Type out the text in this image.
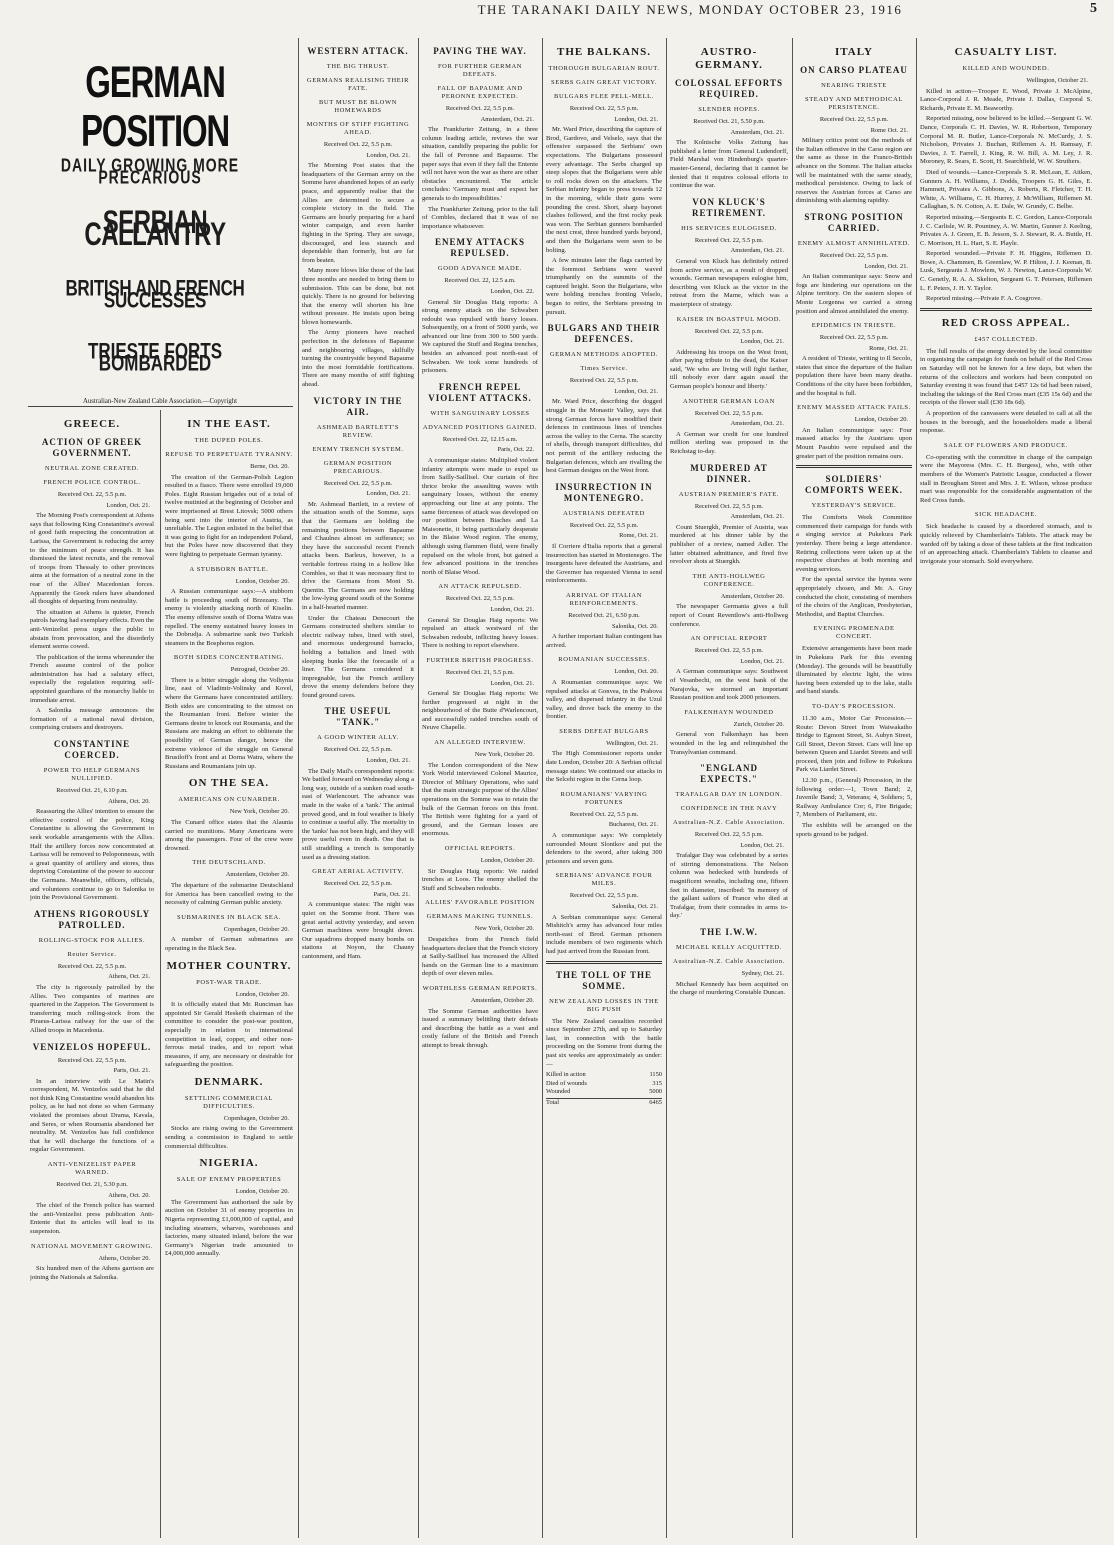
THE TARANAKI DAILY NEWS, MONDAY OCTOBER 23, 1916	5
GERMAN POSITION
DAILY GROWING MORE PRECARIOUS
SERBIAN CALLANTRY
BRITISH AND FRENCH SUCCESSES
TRIESTE FORTS BOMBARDED
Australian-New Zealand Cable Association.—Copyright
GREECE.
ACTION OF GREEK GOVERNMENT.
NEUTRAL ZONE CREATED.
FRENCH POLICE CONTROL.
Received Oct. 22, 5.5 p.m.
London, Oct. 21.

The Morning Post's correspondent at Athens says that following King Constantine's avowal of good faith respecting the concentration at Larissa, the Government is reducing the army to the minimum of peace strength. It has dismissed the latest recruits, and the removal of troops from Thessaly to other provinces aims at the formation of a neutral zone in the rear of the Allies' Macedonian forces. Apparently the Greek rulers have abandoned all thoughts of departing from neutrality.

The situation at Athens is quieter, French patrols having had exemplary effects. Even the anti-Venizelist press urges the public to abstain from provocation, and the disorderly element seems cowed.

The publication of the terms whereunder the French assume control of the police administration has had a salutary effect, especially the regulation requiring self-appointed guardians of the monarchy liable to immediate arrest.

A Salonika message announces the formation of a national naval division, comprising cruisers and destroyers.

CONSTANTINE COERCED.
POWER TO HELP GERMANS NULLIFIED.
Received Oct. 21, 6.10 p.m.
Athens, Oct. 20.

Reassuring the Allies' intention to ensure the effective control of the police, King Constantine is allowing the Government to seek workable arrangements with the Allies. Half the artillery forces now concentrated at Larissa will be removed to Peloponnesus, with a great quantity of artillery and stores, thus depriving Constantine of the power to succour the Germans. Meanwhile, officers, officials, and volunteers continue to go to Salonika to join the Provisional Government.

ATHENS RIGOROUSLY PATROLLED.
ROLLING-STOCK FOR ALLIES.
Reuter Service.
Received Oct. 22, 5.5 p.m.
Athens, Oct. 21.

The city is rigorously patrolled by the Allies. Two companies of marines are quartered in the Zappeion. The Government is transferring much rolling-stock from the Piraeus-Larissa railway for the use of the Allied troops in Macedonia.

VENIZELOS HOPEFUL.
Received Oct. 22, 5.5 p.m.
Paris, Oct. 21.

In an interview with Le Matin's correspondent, M. Venizelos said that he did not think King Constantine would abandon his policy, as he had not done so when Germany violated the promises about Drama, Kavala, and Seres, or when Roumania abandoned her neutrality. M. Venizelos has full confidence that he will discharge the functions of a regular Government.

ANTI-VENIZELIST PAPER WARNED.
Received Oct. 21, 5.30 p.m.
Athens, Oct. 20.

The chief of the French police has warned the anti-Venizelist press publication Anti-Entente that its articles will lead to its suspension.

NATIONAL MOVEMENT GROWING.
Athens, October 20.

Six hundred men of the Athens garrison are joining the Nationals at Salonika.

IN THE EAST.
THE DUPED POLES.
REFUSE TO PERPETUATE TYRANNY.
Berne, Oct. 20.

The creation of the German-Polish Legion resulted in a fiasco. There were enrolled 19,000 Poles. Eight Russian brigades out of a total of twelve mutinied at the beginning of October and were imprisoned at Brest Litovsk; 5000 others being sent into the interior of Austria, as unreliable. The Legion enlisted in the belief that it was going to fight for an independent Poland, but the Poles have now discovered that they were fighting to perpetuate German tyranny.

A STUBBORN BATTLE.
London, October 20.

A Russian communique says:—A stubborn battle is proceeding south of Brzezany. The enemy is violently attacking north of Kiselin. The enemy offensive south of Dorna Watra was repelled. The enemy sustained heavy losses in the Dobrudja. A submarine sank two Turkish steamers in the Bosphorus region.

BOTH SIDES CONCENTRATING.
Petrograd, October 20.

There is a bitter struggle along the Volhynia line, east of Vladimir-Volinsky and Kovel, where the Germans have concentrated artillery. Both sides are concentrating to the utmost on the Roumanian front. Before winter the Germans desire to knock out Roumania, and the Russians are making an effort to obliterate the possibility of German danger, hence the extreme violence of the struggle on General Brusiloff's front and at Dorna Watra, where the Russians and Roumanians join up.

ON THE SEA.
AMERICANS ON CUNARDER.
New York, October 20.

The Cunard office states that the Alaunia carried no munitions. Many Americans were among the passengers. Four of the crew were drowned.

THE DEUTSCHLAND.
Amsterdam, October 20.

The departure of the submarine Deutschland for America has been cancelled owing to the necessity of calming German public anxiety.

SUBMARINES IN BLACK SEA.
Copenhagen, October 20.

A number of German submarines are operating in the Black Sea.

MOTHER COUNTRY.
POST-WAR TRADE.
London, October 20.

It is officially stated that Mr. Runciman has appointed Sir Gerald Hesketh chairman of the committee to consider the post-war position, especially in relation to international competition in lead, copper, and other non-ferrous metal trades, and to report what measures, if any, are necessary or desirable for safeguarding the position.

DENMARK.
SETTLING COMMERCIAL DIFFICULTIES.
Copenhagen, October 20.

Stocks are rising owing to the Government sending a commission to England to settle commercial difficulties.

NIGERIA.
SALE OF ENEMY PROPERTIES
London, October 20.

The Government has authorised the sale by auction on October 31 of enemy properties in Nigeria representing £1,000,000 of capital, and including steamers, wharves, warehouses and factories, many situated inland, before the war Germany's Nigerian trade amounted to £4,000,000 annually.

WESTERN ATTACK.
THE BIG THRUST.
GERMANS REALISING THEIR FATE.
BUT MUST BE BLOWN HOMEWARDS
MONTHS OF STIFF FIGHTING AHEAD.
Received Oct. 22, 5.5 p.m.
London, Oct. 21.

The Morning Post states that the headquarters of the German army on the Somme have abandoned hopes of an early peace, and apparently realise that the Allies are determined to secure a complete victory in the field. The Germans are hourly preparing for a hard winter campaign, and even harder fighting in the Spring. They are savage, discouraged, and less staunch and dependable than formerly, but are far from beaten.

Many more blows like those of the last three months are needed to bring them to submission. This can be done, but not quickly. There is no ground for believing that the enemy will shorten his line without pressure. He insists upon being blown homewards.

The Army pioneers have reached perfection in the defences of Bapaume and neighbouring villages, skilfully turning the countryside beyond Bapaume into the most formidable fortifications. There are many months of stiff fighting ahead.

VICTORY IN THE AIR.
ASHMEAD BARTLETT'S REVIEW.
ENEMY TRENCH SYSTEM.
GERMAN POSITION PRECARIOUS.
Received Oct. 22, 5.5 p.m.
London, Oct. 21.

Mr. Ashmead Bartlett, in a review of the situation south of the Somme, says that the Germans are holding the remaining positions between Bapaume and Chaulnes almost on sufferance; so they have the successful recent French attacks been. Barleux, however, is a veritable fortress rising in a hollow like Combles, so that it was necessary first to drive the Germans from Mont St. Quentin. The Germans are now holding the low-lying ground south of the Somme in a half-hearted manner.

Under the Chateau Denecourt the Germans constructed shelters similar to electric railway tubes, lined with steel, and enormous underground barracks, holding a battalion and lined with sleeping bunks like the forecastle of a liner. The Germans considered it impregnable, but the French artillery drove the enemy defenders before they found ground caves.

THE USEFUL "TANK."
A GOOD WINTER ALLY.
Received Oct. 22, 5.5 p.m.
London, Oct. 21.

The Daily Mail's correspondent reports: We battled forward on Wednesday along a long way, outside of a sunken road south-east of Warlencourt. The advance was made in the wake of a 'tank.' The animal proved good, and in foul weather is likely to continue a useful ally. The mortality in the 'tanks' has not been high, and they will prove useful even in death. One that is still straddling a trench is temporarily used as a dressing station.

GREAT AERIAL ACTIVITY.
Received Oct. 22, 5.5 p.m.
Paris, Oct. 21.

A communique states: The night was quiet on the Somme front. There was great aerial activity yesterday, and seven German machines were brought down. Our squadrons dropped many bombs on stations at Noyon, the Chauny cantonment, and Ham.

PAVING THE WAY.
FOR FURTHER GERMAN DEFEATS.
FALL OF BAPAUME AND PERONNE EXPECTED.
Received Oct. 22, 5.5 p.m.
Amsterdam, Oct. 21.

The Frankfurter Zeitung, in a three column leading article, reviews the war situation, candidly preparing the public for the fall of Peronne and Bapaume. The paper says that even if they fall the Entente will not have won the war as there are other obstacles encountered. The article concludes: 'Germany must and expect her generals to do impossibilities.'

The Frankfurter Zeitung, prior to the fall of Combles, declared that it was of no importance whatsoever.

ENEMY ATTACKS REPULSED.
GOOD ADVANCE MADE.
Received Oct. 22, 12.5 a.m.
London, Oct. 22.

General Sir Douglas Haig reports: A strong enemy attack on the Schwaben redoubt was repulsed with heavy losses. Subsequently, on a front of 5000 yards, we advanced our line from 300 to 500 yards. We captured the Stuff and Regina trenches, besides an advanced post north-east of Schwaben. We took some hundreds of prisoners.

FRENCH REPEL VIOLENT ATTACKS.
WITH SANGUINARY LOSSES
ADVANCED POSITIONS GAINED.
Received Oct. 22, 12.15 a.m.
Paris, Oct. 22.

A communique states: Multiplied violent infantry attempts were made to expel us from Sailly-Saillisel. Our curtain of fire thrice broke the assaulting waves with sanguinary losses, without the enemy approaching our line at any points. The same fierceness of attack was developed on our position between Biaches and La Maisonette, it being particularly desperate in the Blaise Wood region. The enemy, although using flammen fluid, were finally repulsed on the whole front, but gained a few advanced positions in the trenches north of Blaise Wood.

AN ATTACK REPULSED.
Received Oct. 22, 5.5 p.m.
London, Oct. 21.

General Sir Douglas Haig reports: We repulsed an attack westward of the Schwaben redoubt, inflicting heavy losses. There is nothing to report elsewhere.

FURTHER BRITISH PROGRESS.
Received Oct. 21, 5.5 p.m.
London, Oct. 21.

General Sir Douglas Haig reports: We further progressed at night in the neighbourhood of the Butte d'Warlencourt, and successfully raided trenches south of Neuve Chapelle.

AN ALLEGED INTERVIEW.
New York, October 20.

The London correspondent of the New York World interviewed Colonel Maurice, Director of Military Operations, who said that the main strategic purpose of the Allies' operations on the Somme was to retain the bulk of the German forces on this front. The British were fighting for a yard of ground, and the German losses are enormous.

OFFICIAL REPORTS.
London, October 20.

Sir Douglas Haig reports: We raided trenches at Loos. The enemy shelled the Stuff and Schwaben redoubts.

ALLIES' FAVORABLE POSITION
GERMANS MAKING TUNNELS.
New York, October 20.

Despatches from the French field headquarters declare that the French victory at Sailly-Saillisel has increased the Allied hands on the German line to a maximum depth of over eleven miles.

WORTHLESS GERMAN REPORTS.
Amsterdam, October 20.

The Somme German authorities have issued a summary belittling their defeats and describing the battle as a vast and costly failure of the British and French attempt to break through.

THE BALKANS.
THOROUGH BULGARIAN ROUT.
SERBS GAIN GREAT VICTORY.
BULGARS FLEE PELL-MELL.
Received Oct. 22, 5.5 p.m.
London, Oct. 21.

Mr. Ward Price, describing the capture of Brod, Gardovo, and Velselo, says that the offensive surpassed the Serbians' own expectations. The Bulgarians possessed every advantage. The Serbs charged up steep slopes that the Bulgarians were able to roll rocks down on the attackers. The Serbian infantry began to press towards 12 in the morning, while their guns were pounding the crest. Short, sharp bayonet clashes followed, and the first rocky peak was won. The Serbian gunners bombarded the next crest, three hundred yards beyond, and then the Bulgarians were seen to be bolting.

A few minutes later the flags carried by the foremost Serbians were waved triumphantly on the summits of the captured height. Soon the Bulgarians, who were holding trenches fronting Velselo, began to retire, the Serbians pressing in pursuit.

BULGARS AND THEIR DEFENCES.
GERMAN METHODS ADOPTED.
Times Service.
Received Oct. 22, 5.5 p.m.
London, Oct. 21.

Mr. Ward Price, describing the dogged struggle in the Monastir Valley, says that strong German forces have modified their defences in continuous lines of trenches across the valley to the Cerna. The scarcity of shells, through transport difficulties, did not permit of the artillery reducing the Bulgarian defences, which are rivalling the best German designs on the West front.

INSURRECTION IN MONTENEGRO.
AUSTRIANS DEFEATED
Received Oct. 22, 5.5 p.m.
Rome, Oct. 21.

Il Corriere d'Italia reports that a general insurrection has started in Montenegro. The insurgents have defeated the Austrians, and the Governor has requested Vienna to send reinforcements.

ARRIVAL OF ITALIAN REINFORCEMENTS.
Received Oct. 21, 6.50 p.m.
Salonika, Oct. 20.

A further important Italian contingent has arrived.

ROUMANIAN SUCCESSES.
London, Oct. 20.

A Roumanian communique says: We repulsed attacks at Gonvea, in the Prahova valley, and dispersed infantry in the Uzul valley, and drove back the enemy to the frontier.

SERBS DEFEAT BULGARS
Wellington, Oct. 21.

The High Commissioner reports under date London, October 20: A Serbian official message states: We continued our attacks in the Selcehi region in the Cerna loop.

ROUMANIANS' VARYING FORTUNES
Received Oct. 22, 5.5 p.m.
Bucharest, Oct. 21.

A communique says: We completely surrounded Mount Slonikov and put the defenders to the sword, after taking 300 prisoners and seven guns.

SERBIANS' ADVANCE FOUR MILES.
Received Oct. 22, 5.5 p.m.
Salonika, Oct. 21.

A Serbian communique says: General Mishitch's army has advanced four miles north-east of Brod. German prisoners include members of two regiments which had just arrived from the Russian front.

THE TOLL OF THE SOMME.
NEW ZEALAND LOSSES IN THE BIG PUSH

The New Zealand casualties recorded since September 27th, and up to Saturday last, in connection with the battle proceeding on the Somme front during the past six weeks are approximately as under:—

Killed in action	1150
Died of wounds	315
Wounded	5000
Total	6465
AUSTRO-GERMANY.
COLOSSAL EFFORTS REQUIRED.
SLENDER HOPES.
Received Oct. 21, 5.50 p.m.
Amsterdam, Oct. 21.

The Kolnische Volks Zeitung has published a letter from General Ludendorff, Field Marshal von Hindenburg's quarter-master-General, declaring that it cannot be denied that it requires colossal efforts to continue the war.

VON KLUCK'S RETIREMENT.
HIS SERVICES EULOGISED.
Received Oct. 22, 5.5 p.m.
Amsterdam, Oct. 21.

General von Kluck has definitely retired from active service, as a result of dropped wounds. German newspapers eulogise him, describing von Kluck as the victor in the retreat from the Marne, which was a masterpiece of strategy.

KAISER IN BOASTFUL MOOD.
Received Oct. 22, 5.5 p.m.
London, Oct. 21.

Addressing his troops on the West front, after paying tribute to the dead, the Kaiser said, 'We who are living will fight farther, till nobody ever dare again assail the German people's honour and liberty.'

ANOTHER GERMAN LOAN
Received Oct. 22, 5.5 p.m.
Amsterdam, Oct. 21.

A German war credit for one hundred million sterling was proposed in the Reichstag to-day.

MURDERED AT DINNER.
AUSTRIAN PREMIER'S FATE.
Received Oct. 22, 5.5 p.m.
Amsterdam, Oct. 21.

Count Stuergkh, Premier of Austria, was murdered at his dinner table by the publisher of a review, named Adler. The latter obtained admittance, and fired five revolver shots at Stuergkh.

THE ANTI-HOLLWEG CONFERENCE.
Amsterdam, October 20.

The newspaper Germania gives a full report of Count Reventlow's anti-Hollweg conference.

AN OFFICIAL REPORT
Received Oct. 22, 5.5 p.m.
London, Oct. 21.

A German communique says: Southwest of Vesanbechi, on the west bank of the Narajovka, we stormed an important Russian position and took 2000 prisoners.

FALKENHAYN WOUNDED
Zurich, October 20.

General von Falkenhayn has been wounded in the leg and relinquished the Transylvanian command.

"ENGLAND EXPECTS."
TRAFALGAR DAY IN LONDON.
CONFIDENCE IN THE NAVY
Australian-N.Z. Cable Association.
Received Oct. 22, 5.5 p.m.
London, Oct. 21.

Trafalgar Day was celebrated by a series of stirring demonstrations. The Nelson column was bedecked with hundreds of magnificent wreaths, including one, fifteen feet in diameter, inscribed: 'In memory of the gallant sailors of France who died at Trafalgar, from their comrades in arms to-day.'

THE I.W.W.
MICHAEL KELLY ACQUITTED.
Australian-N.Z. Cable Association.
Sydney, Oct. 21.

Michael Kennedy has been acquitted on the charge of murdering Constable Duncan.

ITALY
ON CARSO PLATEAU
NEARING TRIESTE
STEADY AND METHODICAL PERSISTENCE.
Received Oct. 22, 5.5 p.m.
Rome Oct. 21.

Military critics point out the methods of the Italian offensive in the Carso region are the same as those in the Franco-British advance on the Somme. The Italian attacks will be maintained with the same steady, methodical persistence. Owing to lack of reserves the Austrian forces at Carso are diminishing with alarming rapidity.

STRONG POSITION CARRIED.
ENEMY ALMOST ANNIHILATED.
Received Oct. 22, 5.5 p.m.
London, Oct. 21.

An Italian communique says: Snow and fogs are hindering our operations on the Alpine territory. On the eastern slopes of Monte Lorgenna we carried a strong position and almost annihilated the enemy.

EPIDEMICS IN TRIESTE.
Received Oct. 22, 5.5 p.m.
Rome, Oct. 21.

A resident of Trieste, writing to Il Secolo, states that since the departure of the Italian population there have been many deaths. Conditions of the city have been forbidden, and the hospital is full.

ENEMY MASSED ATTACK FAILS.
London, October 20.

An Italian communique says: Four massed attacks by the Austrians upon Mount Pasubio were repulsed and the greater part of the position remains ours.

SOLDIERS' COMFORTS WEEK.
YESTERDAY'S SERVICE.

The Comforts Week Committee commenced their campaign for funds with a singing service at Pukekura Park yesterday. There being a large attendance. Retiring collections were taken up at the respective churches at both morning and evening services.

For the special service the hymns were appropriately chosen, and Mr. A. Gray conducted the choir, consisting of members of the choirs of the Anglican, Presbyterian, Methodist, and Baptist Churches.

EVENING PROMENADE CONCERT.

Extensive arrangements have been made in Pukekura Park for this evening (Monday). The grounds will be beautifully illuminated by electric light, the wires having been extended up to the lake, stalls and band stands.

TO-DAY'S PROCESSION.

11.30 a.m., Motor Car Procession.—Route: Devon Street from Waiwakaiho Bridge to Egmont Street, St. Aubyn Street, Gill Street, Devon Street. Cars will line up between Queen and Liardet Streets and will proceed, then join and follow to Pukekura Park via Liardet Street.

12.30 p.m., (General) Procession, in the following order:—1, Town Band; 2, Juvenile Band; 3, Veterans; 4, Soldiers; 5, Railway Ambulance Cor; 6, Fire Brigade; 7, Members of Parliament, etc.

The exhibits will be arranged on the sports ground to be judged.

CASUALTY LIST.
KILLED AND WOUNDED.
Wellington, October 21.

Killed in action—Trooper E. Wood, Private J. McAlpine, Lance-Corporal J. R. Meade, Private J. Dallas, Corporal S. Richards, Private E. M. Beaworthy.

Reported missing, now believed to be killed.—Sergeant G. W. Dance, Corporals C. H. Davies, W. R. Robertson, Temporary Corporal M. R. Butler, Lance-Corporals N. McCurdy, J. S. Nicholson, Privates J. Buchan, Riflemen A. H. Ramsay, F. Davies, J. T. Farrell, J. King, R. W. Bill, A. M. Ley, J. R. Moroney, R. Sears, E. Scott, H. Searchfield, W. W. Struthers.

Died of wounds.—Lance-Corporals S. R. McLean, E. Aitken, Gunners A. H. Williams, J. Dodds, Troopers G. H. Giles, E. Hammett, Privates A. Gibbons, A. Roberts, R. Fletcher, T. H. White, A. Williams, C. H. Hurrey, J. McWilliam, Riflemen M. Callaghan, S. N. Cotton, A. E. Dale, W. Grundy, C. Belbe.

Reported missing.—Sergeants E. C. Gordon, Lance-Corporals J. C. Carlisle, W. R. Pountney, A. W. Martin, Gunner J. Keeling, Privates A. J. Green, E. B. Jesson, S. J. Stewart, R. A. Buttle, H. C. Morrison, H. L. Hart, S. E. Playle.

Reported wounded.—Private F. H. Higgins, Riflemen D. Bowe, A. Chammen, B. Greenlaw, W. P. Hilton, J. J. Keenan, B. Lusk, Sergeants J. Mowlem, W. J. Newton, Lance-Corporals W. C. Genetly, R. A. A. Skelton, Sergeant G. T. Petersen, Riflemen L. F. Peters, J. H. Y. Taylor.

Reported missing.—Private F. A. Cosgrove.

RED CROSS APPEAL.
£457 COLLECTED.

The full results of the energy devoted by the local committee in organising the campaign for funds on behalf of the Red Cross on Saturday will not be known for a few days, but when the returns of the collectors and workers had been computed on Saturday evening it was found that £457 12s 6d had been raised, including the takings of the Red Cross mart (£35 15s 6d) and the receipts of the flower stall (£30 18s 6d).

A proportion of the canvassers were detailed to call at all the houses in the borough, and the householders made a liberal response.

SALE OF FLOWERS AND PRODUCE.

Co-operating with the committee in charge of the campaign were the Mayoress (Mrs. C. H. Burgess), who, with other members of the Women's Patriotic League, conducted a flower stall in Brougham Street and Mrs. J. E. Wilson, whose produce mart was responsible for the considerable augmentation of the Red Cross funds.

SICK HEADACHE.

Sick headache is caused by a disordered stomach, and is quickly relieved by Chamberlain's Tablets. The attack may be warded off by taking a dose of these tablets at the first indication of an approaching attack. Chamberlain's Tablets to cleanse and invigorate your stomach. Sold everywhere.
